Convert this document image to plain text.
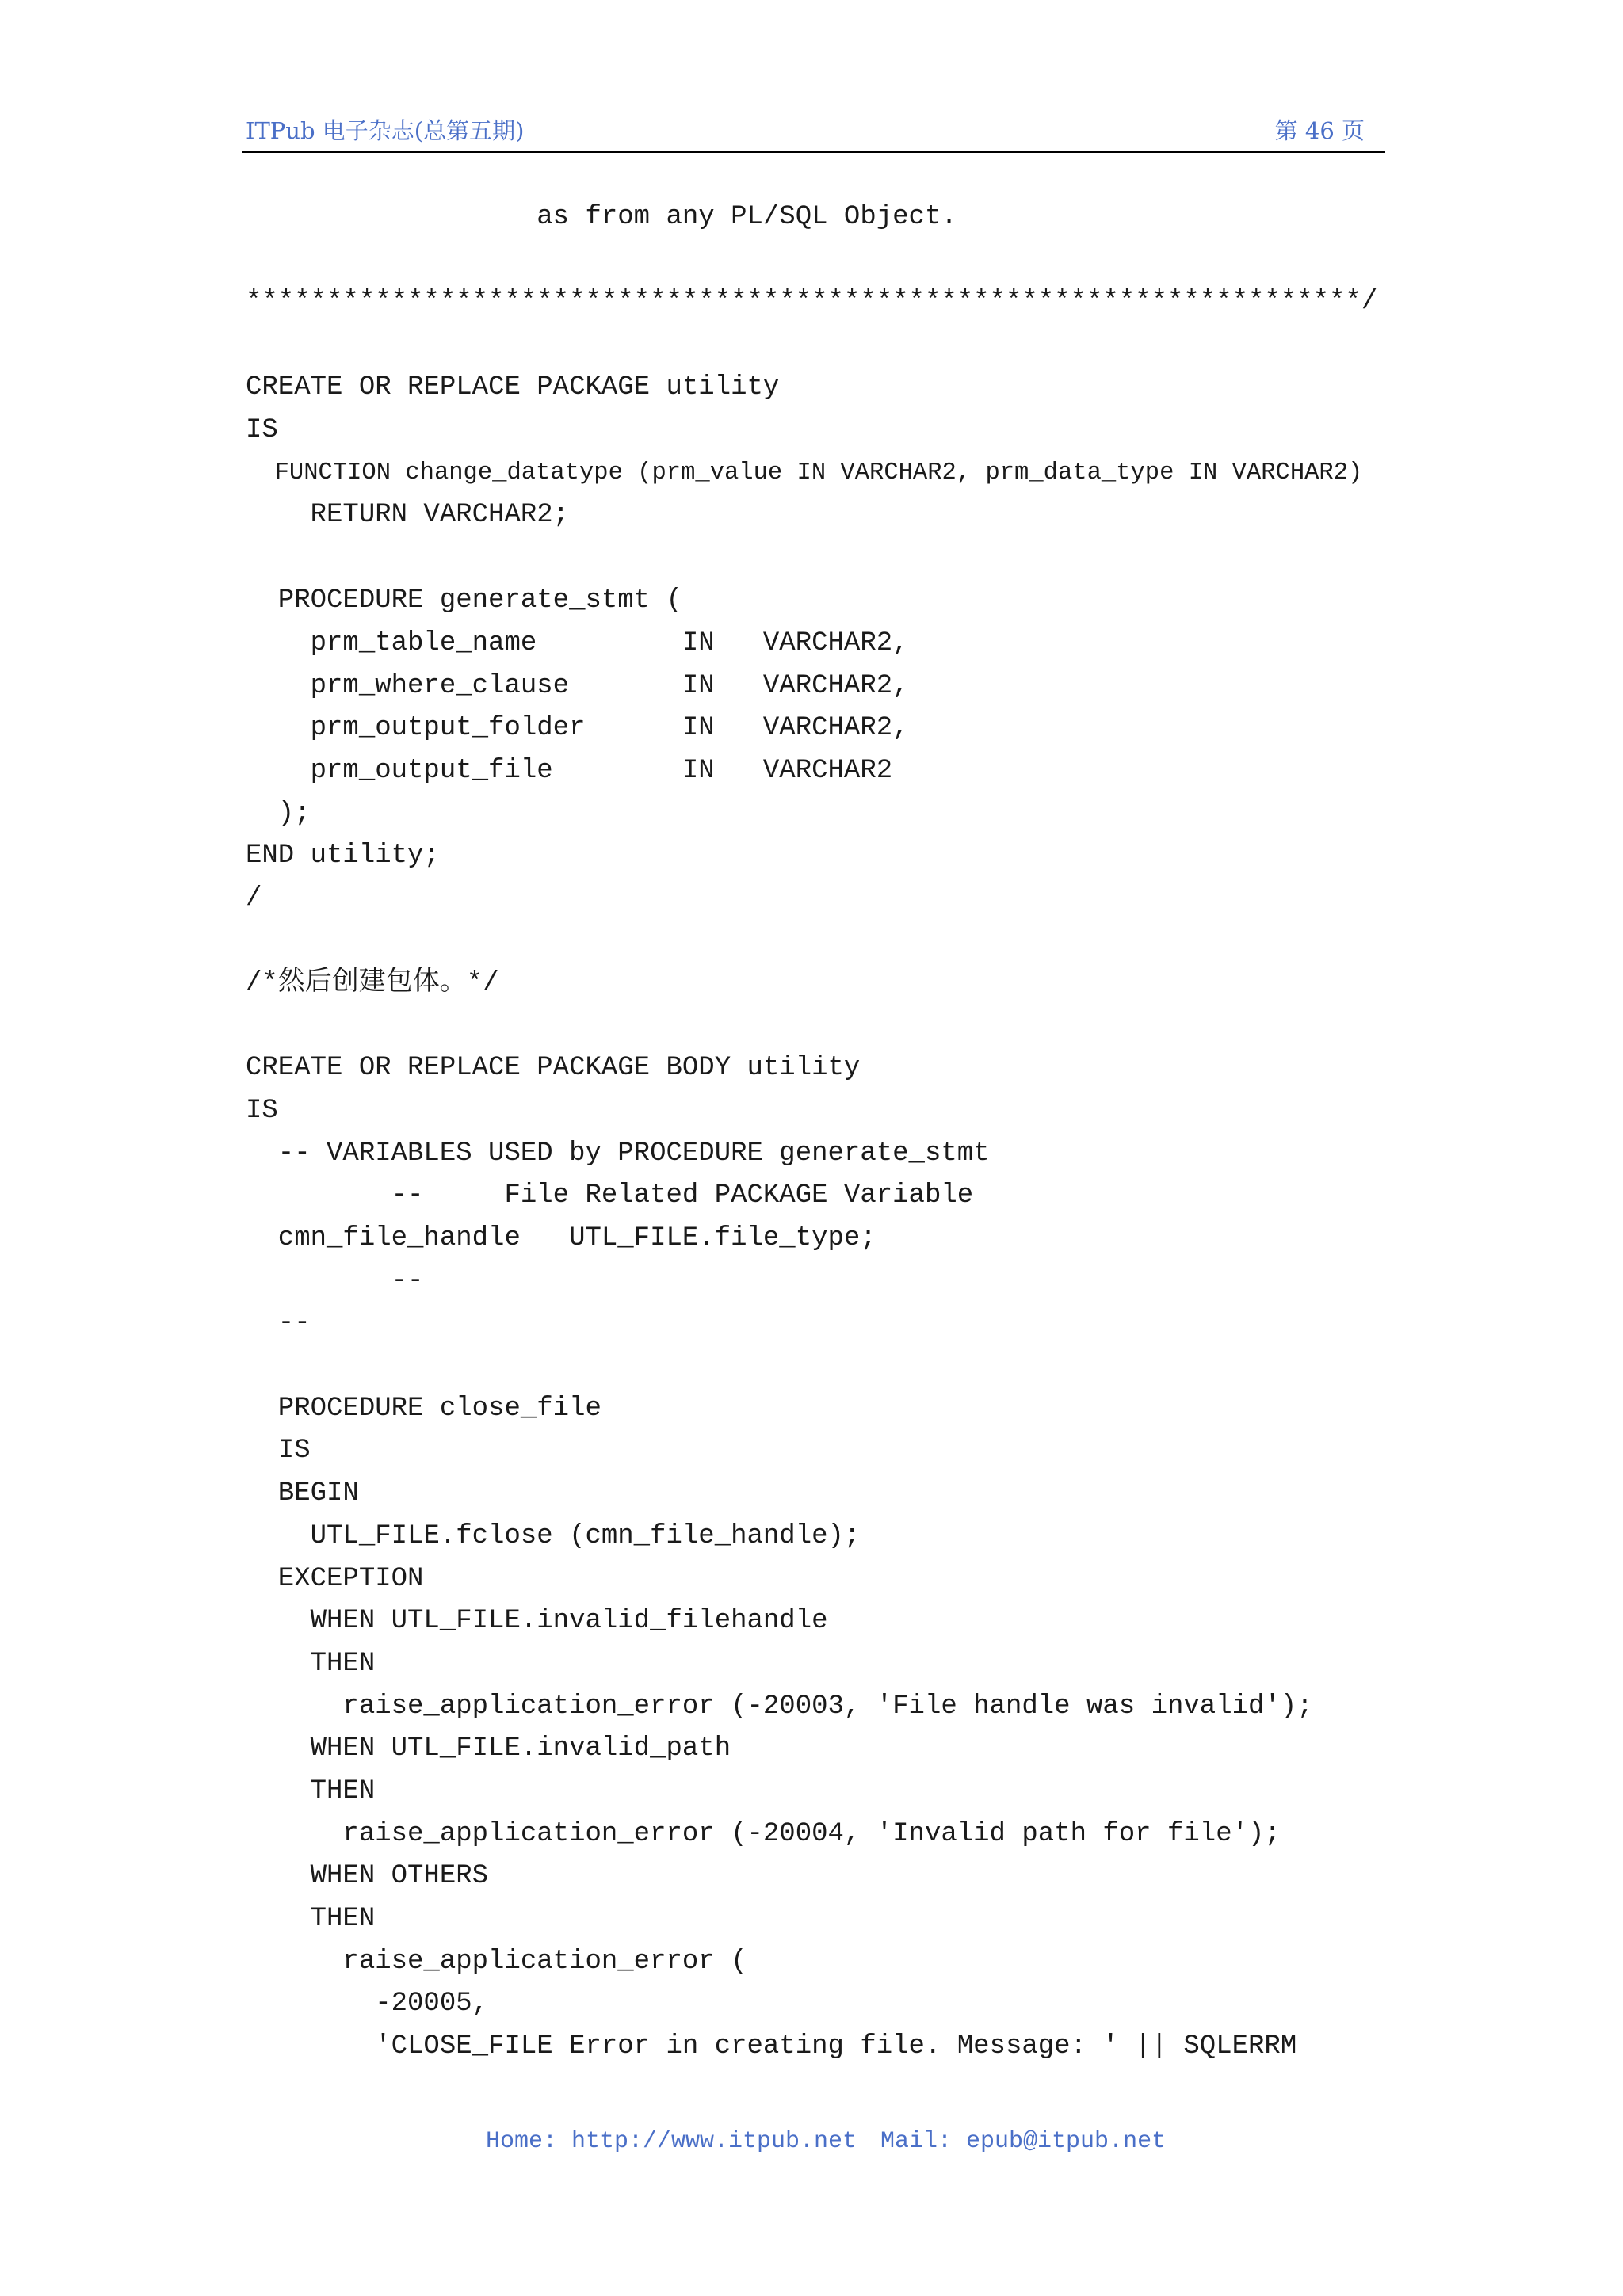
ITPub 电子杂志(总第五期)	第 46 页
as from any PL/SQL Object.
*********************************************************************/
CREATE OR REPLACE PACKAGE utility
IS
FUNCTION change_datatype (prm_value IN VARCHAR2, prm_data_type IN VARCHAR2)
RETURN VARCHAR2;
PROCEDURE generate_stmt (
prm_table_name         IN   VARCHAR2,
prm_where_clause       IN   VARCHAR2,
prm_output_folder      IN   VARCHAR2,
prm_output_file        IN   VARCHAR2
);
END utility;
/
/*然后创建包体。*/
CREATE OR REPLACE PACKAGE BODY utility
IS
-- VARIABLES USED by PROCEDURE generate_stmt
--     File Related PACKAGE Variable
cmn_file_handle   UTL_FILE.file_type;
--
--
PROCEDURE close_file
IS
BEGIN
UTL_FILE.fclose (cmn_file_handle);
EXCEPTION
WHEN UTL_FILE.invalid_filehandle
THEN
raise_application_error (-20003, 'File handle was invalid');
WHEN UTL_FILE.invalid_path
THEN
raise_application_error (-20004, 'Invalid path for file');
WHEN OTHERS
THEN
raise_application_error (
-20005,
'CLOSE_FILE Error in creating file. Message: ' || SQLERRM

Home: http://www.itpub.net Mail: epub@itpub.net
